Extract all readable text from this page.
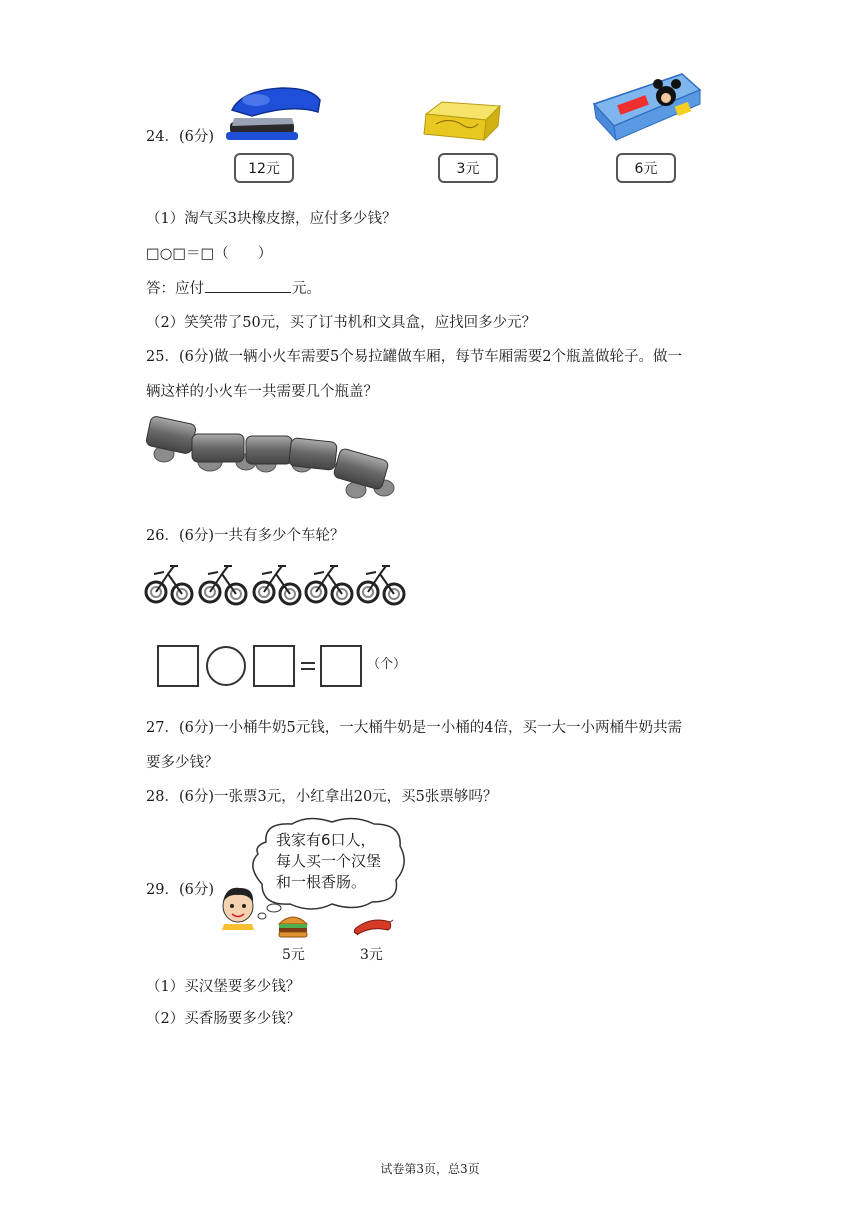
24．(6分)
12元	3元	6元
（1）淘气买3块橡皮擦，应付多少钱？
□○□＝□（　　）
答：应付	元。
（2）笑笑带了50元，买了订书机和文具盒，应找回多少元？
25．(6分)做一辆小火车需要5个易拉罐做车厢，每节车厢需要2个瓶盖做轮子。做一
辆这样的小火车一共需要几个瓶盖？
26．(6分)一共有多少个车轮？
（个）
27．(6分)一小桶牛奶5元钱，一大桶牛奶是一小桶的4倍，买一大一小两桶牛奶共需
要多少钱？
28．(6分)一张票3元，小红拿出20元，买5张票够吗？
29．(6分)
我家有6口人，
每人买一个汉堡
和一根香肠。
5元	3元
（1）买汉堡要多少钱？
（2）买香肠要多少钱？
试卷第3页，总3页
